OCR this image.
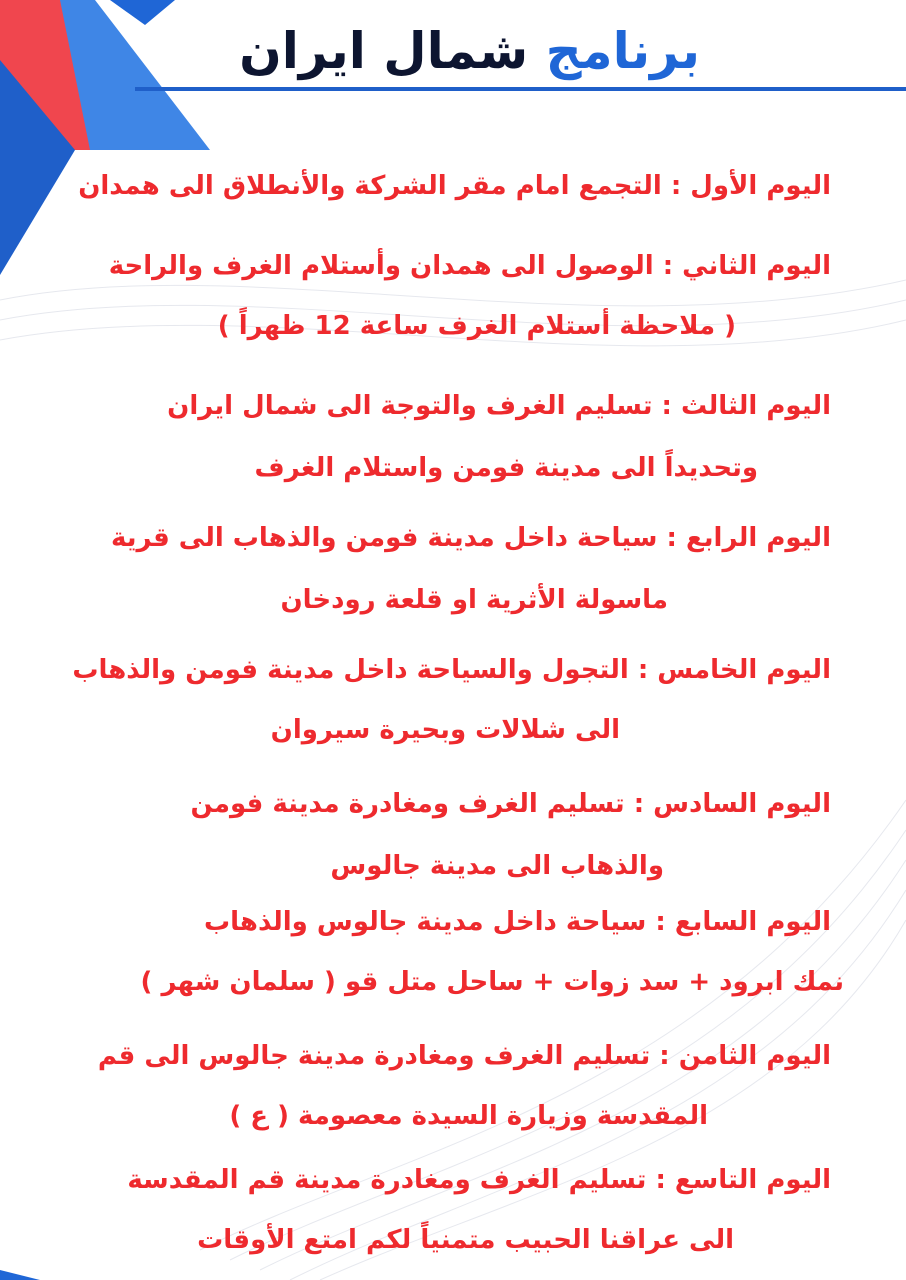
برنامج شمال ايران
اليوم الأول : التجمع امام مقر الشركة والأنطلاق الى همدان
اليوم الثاني : الوصول الى همدان وأستلام الغرف والراحة
( ملاحظة أستلام الغرف ساعة 12 ظهراً )
اليوم الثالث : تسليم الغرف والتوجة الى شمال ايران
وتحديداً الى مدينة فومن واستلام الغرف
اليوم الرابع : سياحة داخل مدينة فومن والذهاب الى قرية
ماسولة الأثرية او قلعة رودخان
اليوم الخامس : التجول والسياحة داخل مدينة فومن والذهاب
الى شلالات وبحيرة سيروان
اليوم السادس : تسليم الغرف ومغادرة مدينة فومن
والذهاب الى مدينة جالوس
اليوم السابع : سياحة داخل مدينة جالوس والذهاب
نمك ابرود + سد زوات + ساحل متل قو ( سلمان شهر )
اليوم الثامن : تسليم الغرف ومغادرة مدينة جالوس الى قم
المقدسة وزيارة السيدة معصومة ( ع )
اليوم التاسع : تسليم الغرف ومغادرة مدينة قم المقدسة
الى عراقنا الحبيب متمنياً لكم امتع الأوقات
